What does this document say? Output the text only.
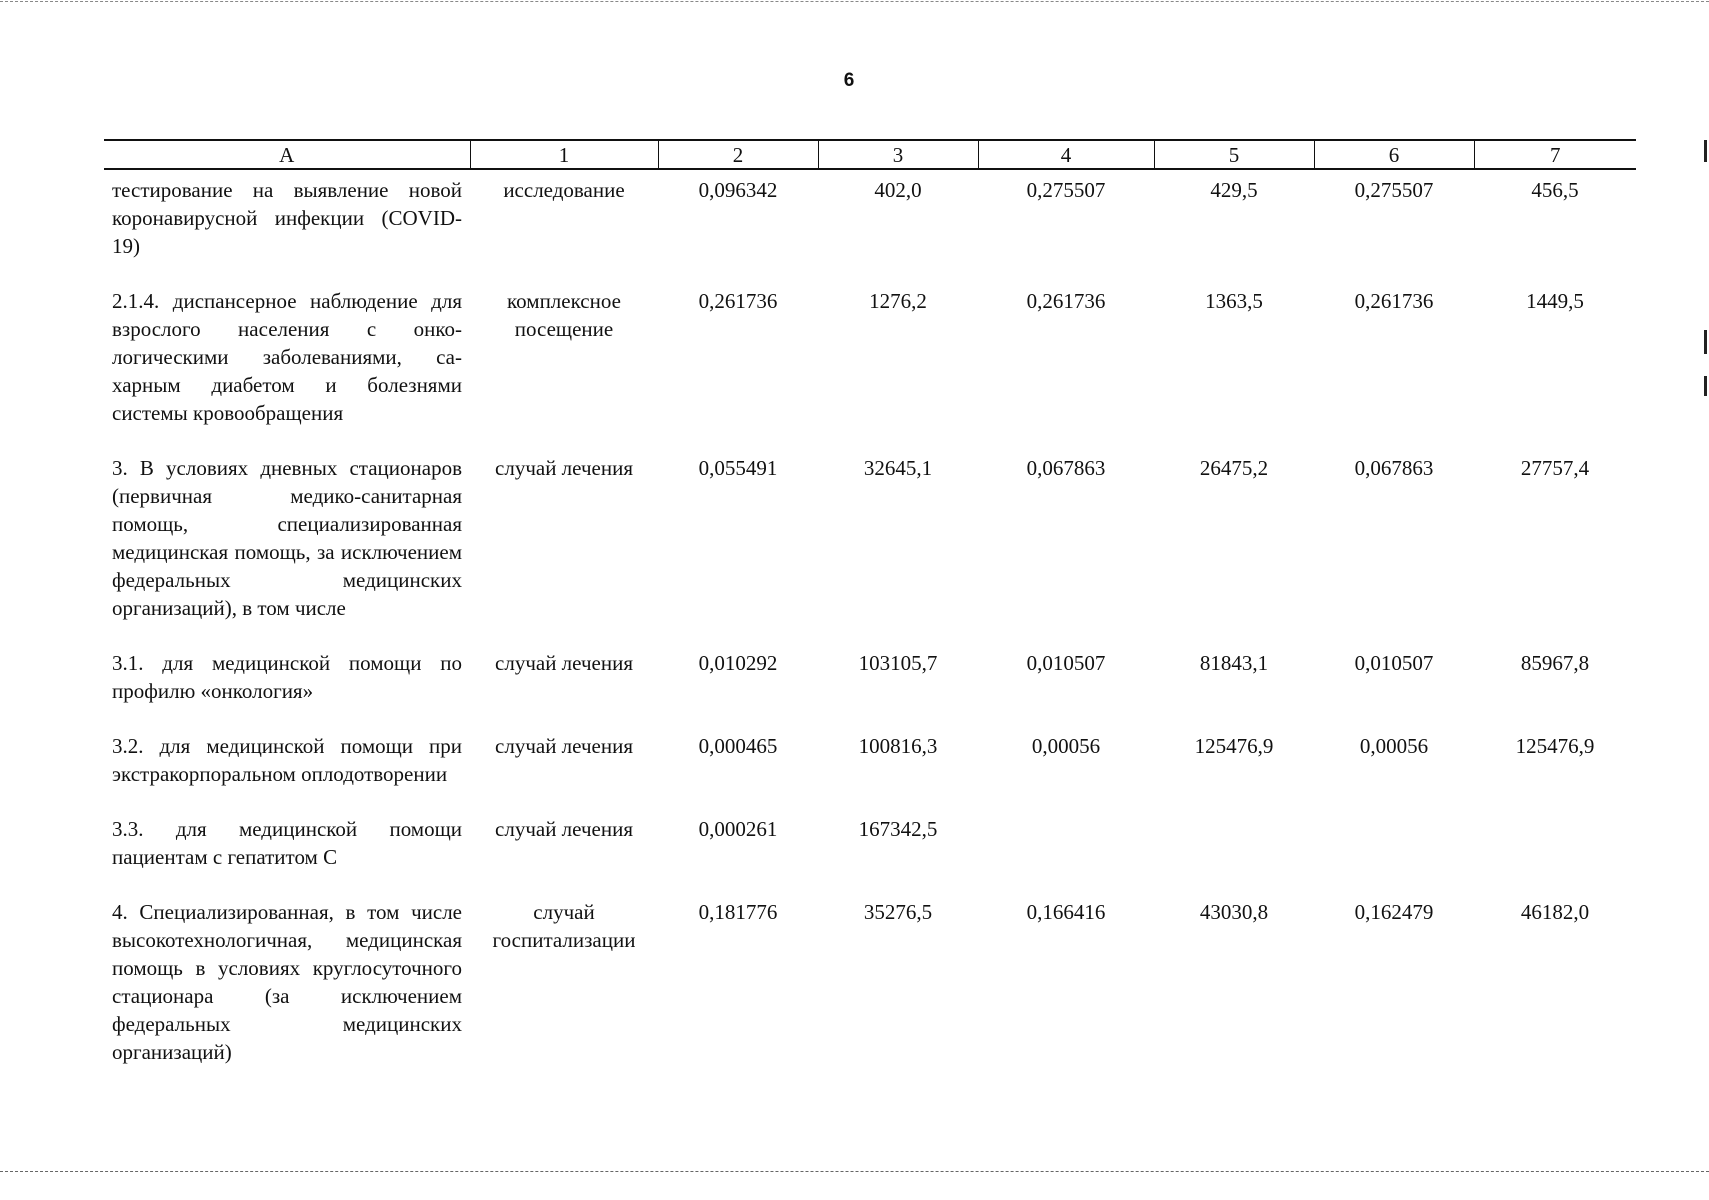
6
А	1	2	3	4	5	6	7
тестирование на выявление новой коронавирусной инфекции (COVID-19)	исследование	0,096342	402,0	0,275507	429,5	0,275507	456,5
2.1.4. диспансерное наблюдение для взрослого населения с онкологическими заболеваниями, сахарным диабетом и болезнями системы кровообращения	комплексное посещение	0,261736	1276,2	0,261736	1363,5	0,261736	1449,5
3. В условиях дневных стационаров (первичная медико-санитарная помощь, специализированная медицинская помощь, за исключением федеральных медицинских организаций), в том числе	случай лечения	0,055491	32645,1	0,067863	26475,2	0,067863	27757,4
3.1. для медицинской помощи по профилю «онкология»	случай лечения	0,010292	103105,7	0,010507	81843,1	0,010507	85967,8
3.2. для медицинской помощи при экстракорпоральном оплодотворении	случай лечения	0,000465	100816,3	0,00056	125476,9	0,00056	125476,9
3.3. для медицинской помощи пациентам с гепатитом С	случай лечения	0,000261	167342,5				
4. Специализированная, в том числе высокотехнологичная, медицинская помощь в условиях круглосуточного стационара (за исключением федеральных медицинских организаций)	случай госпитализации	0,181776	35276,5	0,166416	43030,8	0,162479	46182,0
